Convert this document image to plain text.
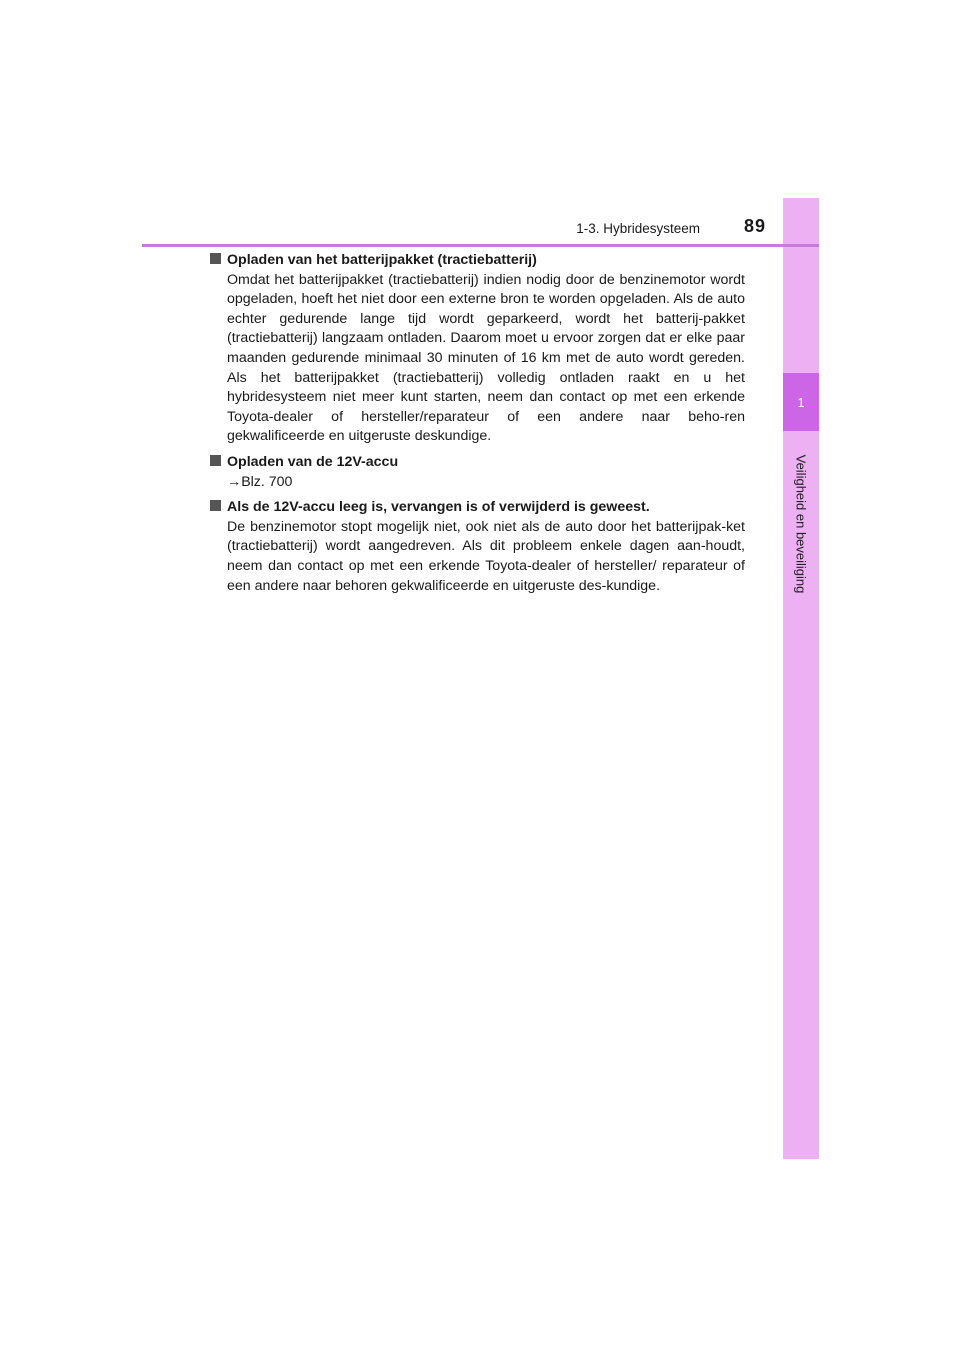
1
Veiligheid en beveiliging
1-3. Hybridesysteem	89
Opladen van het batterijpakket (tractiebatterij)
Omdat het batterijpakket (tractiebatterij) indien nodig door de benzinemotor wordt opgeladen, hoeft het niet door een externe bron te worden opgeladen. Als de auto echter gedurende lange tijd wordt geparkeerd, wordt het batterij-pakket (tractiebatterij) langzaam ontladen. Daarom moet u ervoor zorgen dat er elke paar maanden gedurende minimaal 30 minuten of 16 km met de auto wordt gereden. Als het batterijpakket (tractiebatterij) volledig ontladen raakt en u het hybridesysteem niet meer kunt starten, neem dan contact op met een erkende Toyota-dealer of hersteller/reparateur of een andere naar beho-ren gekwalificeerde en uitgeruste deskundige.
Opladen van de 12V-accu
→Blz. 700
Als de 12V-accu leeg is, vervangen is of verwijderd is geweest.
De benzinemotor stopt mogelijk niet, ook niet als de auto door het batterijpak-ket (tractiebatterij) wordt aangedreven. Als dit probleem enkele dagen aan-houdt, neem dan contact op met een erkende Toyota-dealer of hersteller/ reparateur of een andere naar behoren gekwalificeerde en uitgeruste des-kundige.
